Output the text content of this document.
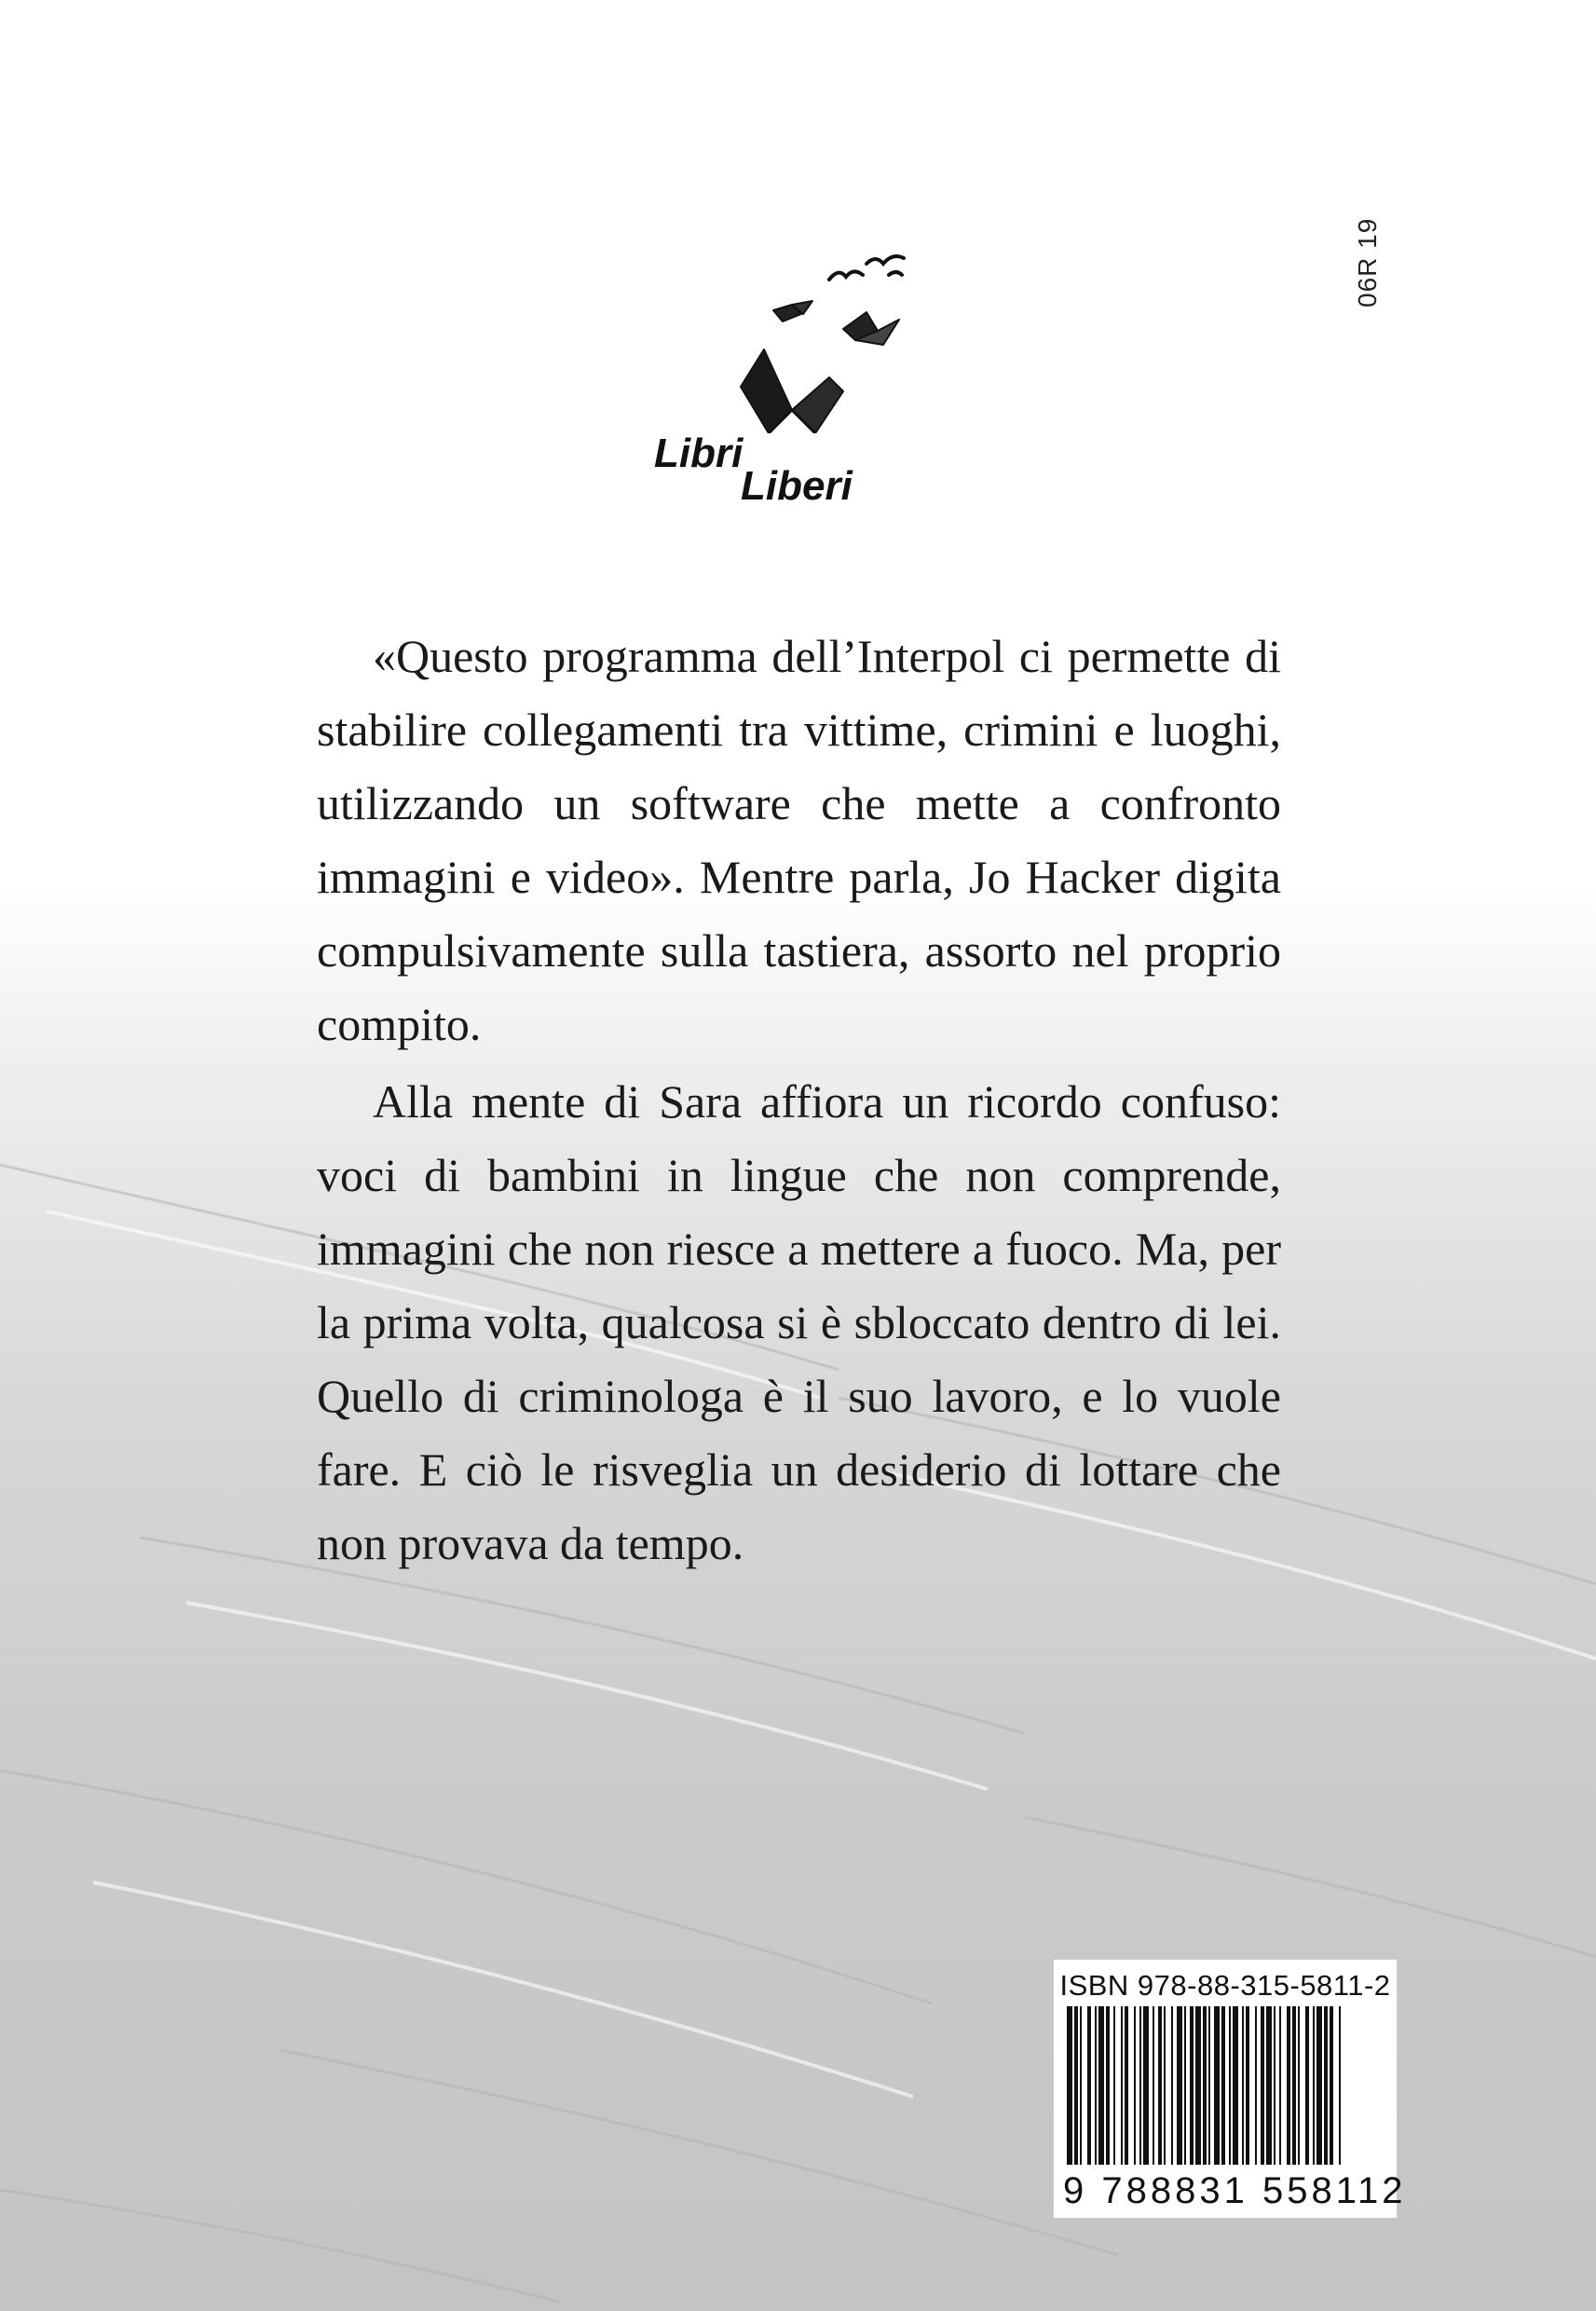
06R 19
Libri
Liberi

«Questo programma dell’Interpol ci permette di stabilire collegamenti tra vittime, crimini e luoghi, utilizzando un software che mette a confronto immagini e video». Mentre parla, Jo Hacker digita compulsivamente sulla tastiera, assorto nel proprio compito.

Alla mente di Sara affiora un ricordo confuso: voci di bambini in lingue che non comprende, immagini che non riesce a mettere a fuoco. Ma, per la prima volta, qualcosa si è sbloccato dentro di lei. Quello di criminologa è il suo lavoro, e lo vuole fare. E ciò le risveglia un desiderio di lottare che non provava da tempo.

ISBN 978-88-315-5811-2
9 788831 558112
